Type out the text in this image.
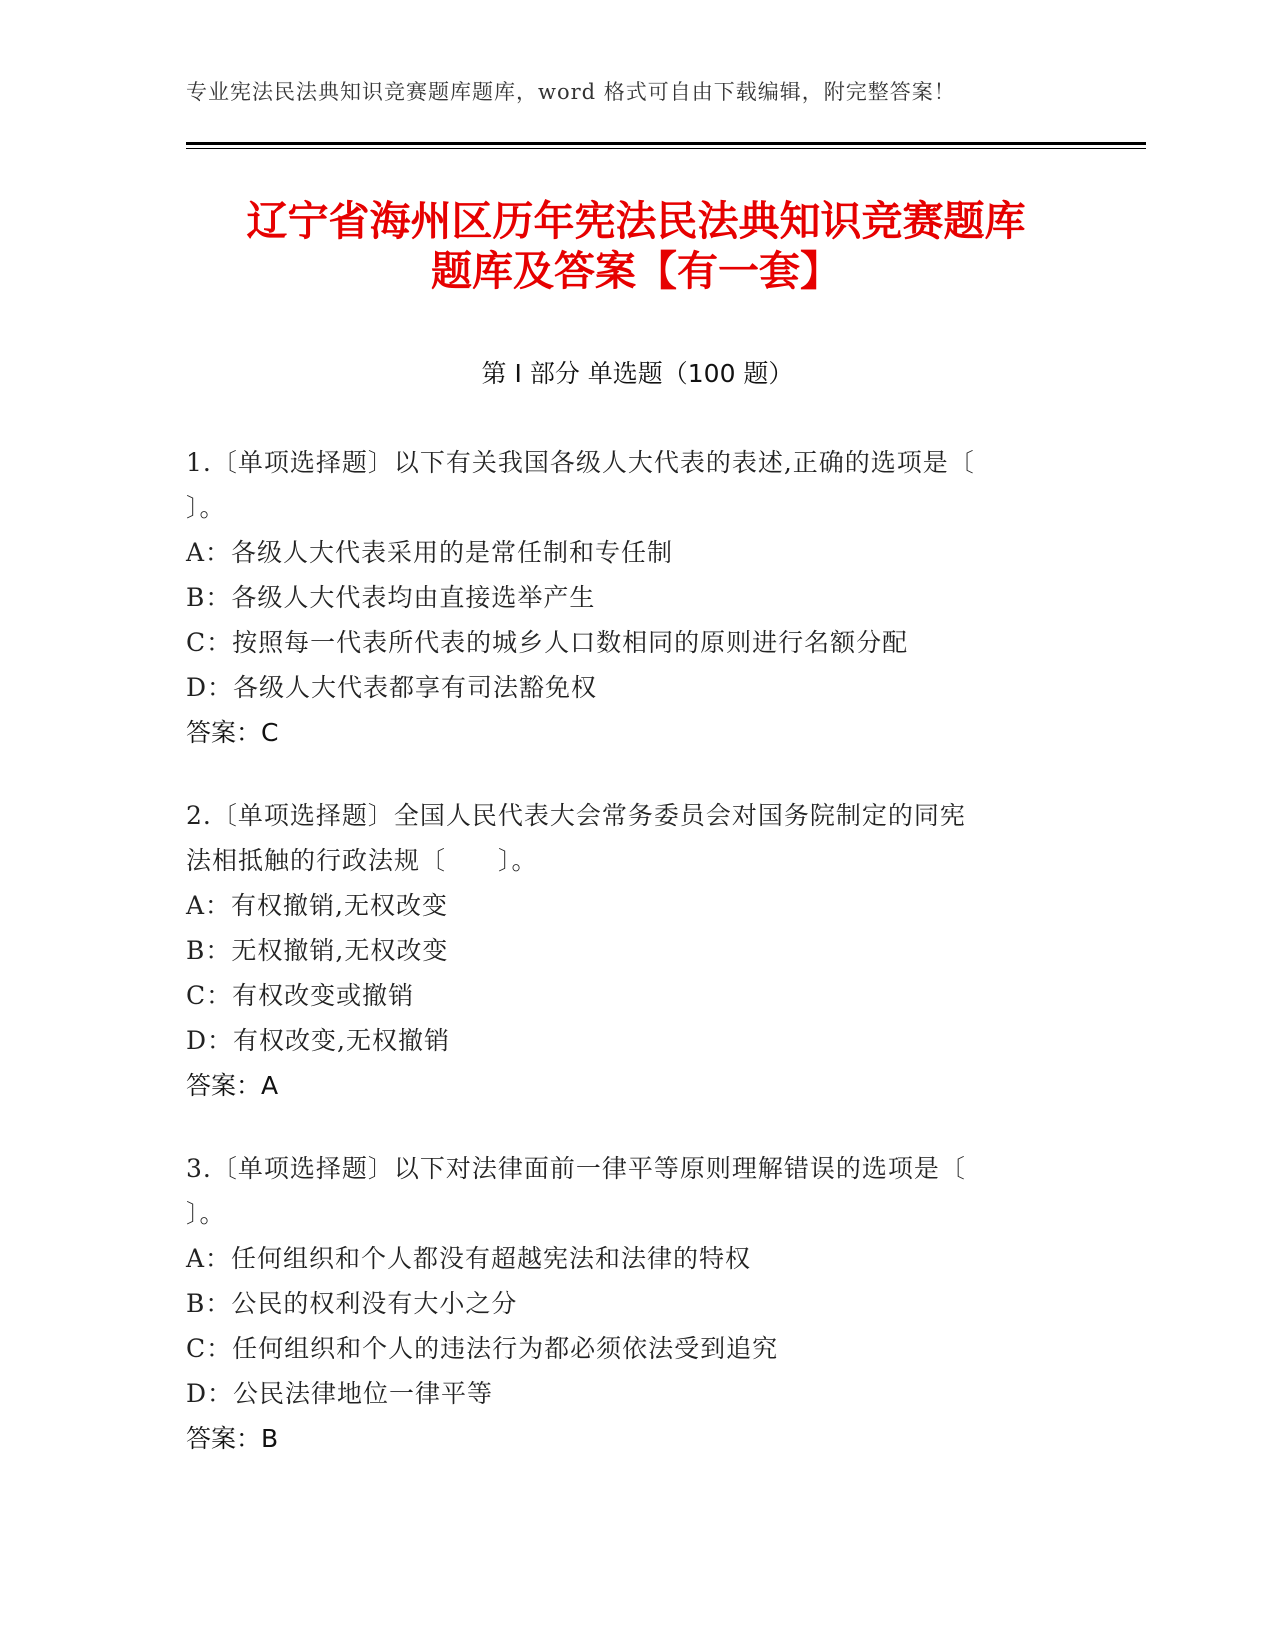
专业宪法民法典知识竞赛题库题库，word 格式可自由下载编辑，附完整答案！
辽宁省海州区历年宪法民法典知识竞赛题库
题库及答案【有一套】
第 I 部分 单选题（100 题）

1.〔单项选择题〕以下有关我国各级人大代表的表述,正确的选项是〔

〕。

A：各级人大代表采用的是常任制和专任制

B：各级人大代表均由直接选举产生

C：按照每一代表所代表的城乡人口数相同的原则进行名额分配

D：各级人大代表都享有司法豁免权

答案：C

2.〔单项选择题〕全国人民代表大会常务委员会对国务院制定的同宪

法相抵触的行政法规〔　　〕。

A：有权撤销,无权改变

B：无权撤销,无权改变

C：有权改变或撤销

D：有权改变,无权撤销

答案：A

3.〔单项选择题〕以下对法律面前一律平等原则理解错误的选项是〔

〕。

A：任何组织和个人都没有超越宪法和法律的特权

B：公民的权利没有大小之分

C：任何组织和个人的违法行为都必须依法受到追究

D：公民法律地位一律平等

答案：B
